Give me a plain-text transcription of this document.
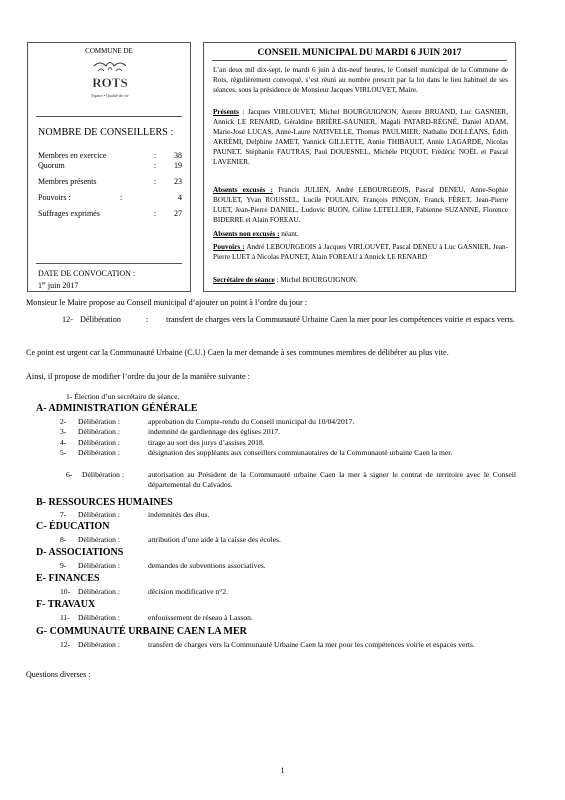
COMMUNE DE
ROTS
Espace • Qualité de vie
NOMBRE DE CONSEILLERS :
Membres en exercice	: 38
Quorum	: 19
Membres présents	: 23
Pouvoirs :	:	4
Suffrages exprimés	: 27
DATE DE CONVOCATION :
1er juin 2017
CONSEIL MUNICIPAL DU MARDI 6 JUIN 2017
L’an deux mil dix-sept, le mardi 6 juin à dix-neuf heures, le Conseil municipal de la Commune de Rots, régulièrement convoqué, s’est réuni au nombre prescrit par la loi dans le lieu habituel de ses séances, sous la présidence de Monsieur Jacques VIRLOUVET, Maire.
Présents : Jacques VIRLOUVET, Michel BOURGUIGNON, Aurore BRUAND, Luc GASNIER, Annick LE RENARD, Géraldine BRIÈRE-SAUNIER, Magali PATARD-RÉGNÉ, Daniel ADAM, Marie-José LUCAS, Anne-Laure NATIVELLE, Thomas PAULMIER, Nathalie DOLLÉANS, Édith AKRÉMI, Delphine JAMET, Yannick GILLETTE, Annie THIBAULT, Annie LAGARDE, Nicolas PAUNET, Stéphanie FAUTRAS, Paul DOUESNEL, Michèle PIQUOT, Frédéric NOËL et Pascal LAVENIER.
Absents excusés : Francis JULIEN, André LEBOURGEOIS, Pascal DENEU, Anne-Sophie BOULET, Yvan ROUSSEL, Lucile POULAIN, François PINÇON, Franck FÉRET, Jean-Pierre LUET, Jean-Pierre DANIEL, Ludovic BUON, Céline LETELLIER, Fabienne SUZANNE, Florence BIDERRE et Alain FOREAU.
Absents non excusés : néant.
Pouvoirs : André LEBOURGEOIS à Jacques VIRLOUVET, Pascal DENEU à Luc GASNIER, Jean-Pierre LUET à Nicolas PAUNET, Alain FOREAU à Annick LE RENARD
Secrétaire de séance : Michel BOURGUIGNON.
Monsieur le Maire propose au Conseil municipal d’ajouter un point à l’ordre du jour :
12- Délibération	: transfert de charges vers la Communauté Urbaine Caen la mer pour les compétences voirie et espacs verts.
Ce point est urgent car la Communauté Urbaine (C.U.) Caen la mer demande à ses communes membres de délibérer au plus vite.
Ainsi, il propose de modifier l’ordre du jour de la manière suivante :
1- Élection d’un secrétaire de séance.
A- ADMINISTRATION GÉNÉRALE
2- Délibération :	approbation du Compte-rendu du Conseil municipal du 10/04/2017.
3- Délibération :	indemnité de gardiennage des églises 2017.
4- Délibération :	tirage au sort des jurys d’assises 2018.
5- Délibération :	désignation des suppléants aux conseillers communautaires de la Communauté urbaine Caen la mer.
6- Délibération :	autorisation au Président de la Communauté urbaine Caen la mer à signer le contrat de territoire avec le Conseil départemental du Calvados.
B- RESSOURCES HUMAINES
7- Délibération :	indemnités des élus.
C- ÉDUCATION
8- Délibération :	attribution d’une aide à la caisse des écoles.
D- ASSOCIATIONS
9- Délibération :	demandes de subventions associatives.
E- FINANCES
10- Délibération :	décision modificative n°2.
F- TRAVAUX
11- Délibération :	enfouissement de réseau à Lasson.
G- COMMUNAUTÉ URBAINE CAEN LA MER
12- Délibération :	transfert de charges vers la Communauté Urbaine Caen la mer pour les compétences voirie et espaces verts.
Questions diverses :
1
